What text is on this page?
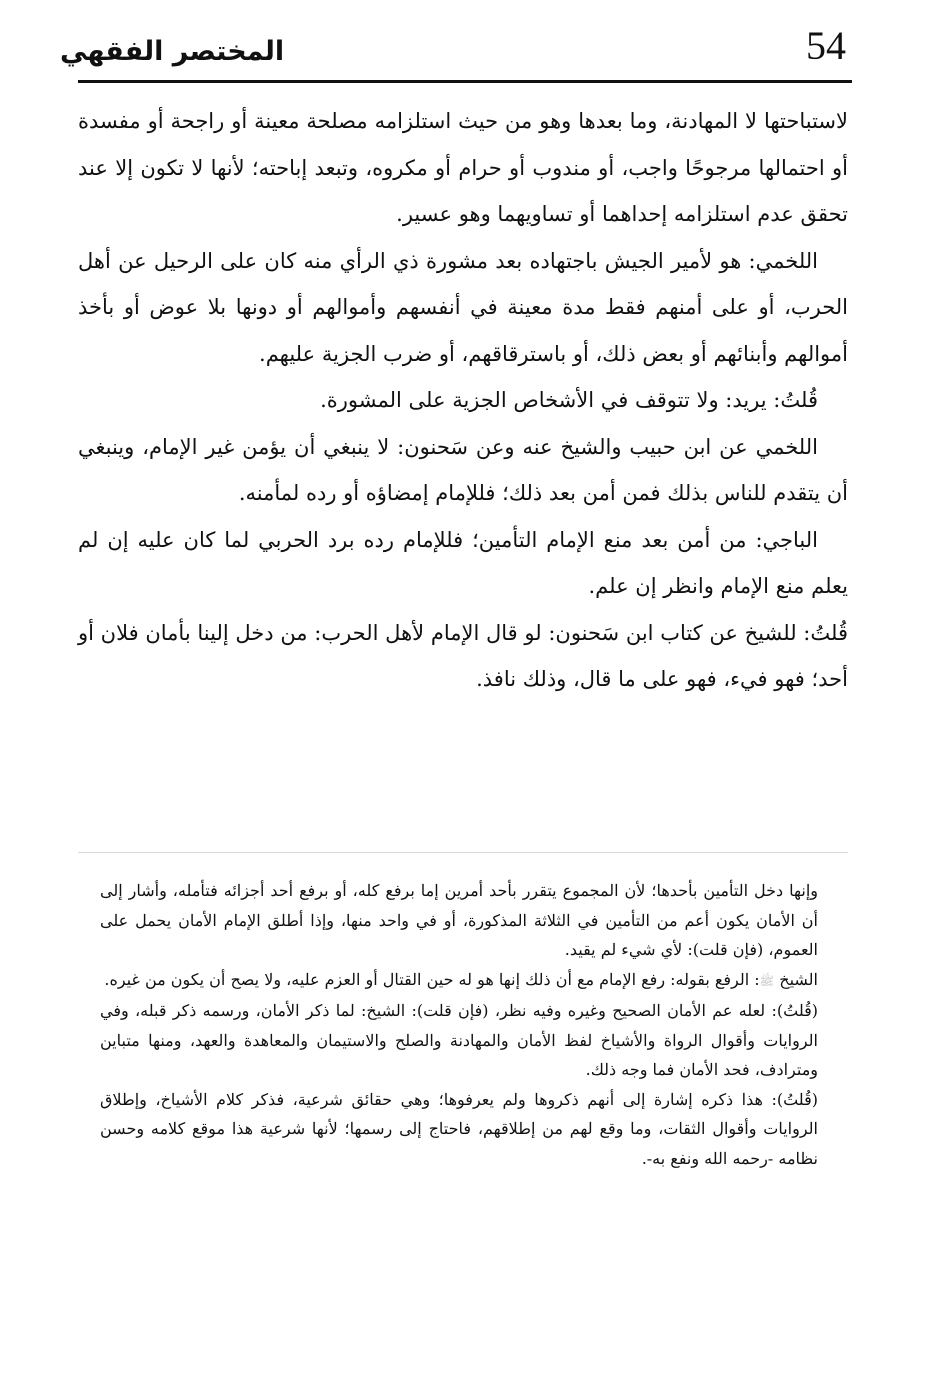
54
المختصر الفقهي

لاستباحتها لا المهادنة، وما بعدها وهو من حيث استلزامه مصلحة معينة أو راجحة أو مفسدة أو احتمالها مرجوحًا واجب، أو مندوب أو حرام أو مكروه، وتبعد إباحته؛ لأنها لا تكون إلا عند تحقق عدم استلزامه إحداهما أو تساويهما وهو عسير.

اللخمي: هو لأمير الجيش باجتهاده بعد مشورة ذي الرأي منه كان على الرحيل عن أهل الحرب، أو على أمنهم فقط مدة معينة في أنفسهم وأموالهم أو دونها بلا عوض أو بأخذ أموالهم وأبنائهم أو بعض ذلك، أو باسترقاقهم، أو ضرب الجزية عليهم.

قُلتُ: يريد: ولا تتوقف في الأشخاص الجزية على المشورة.

اللخمي عن ابن حبيب والشيخ عنه وعن سَحنون: لا ينبغي أن يؤمن غير الإمام، وينبغي أن يتقدم للناس بذلك فمن أمن بعد ذلك؛ فللإمام إمضاؤه أو رده لمأمنه.

الباجي: من أمن بعد منع الإمام التأمين؛ فللإمام رده برد الحربي لما كان عليه إن لم يعلم منع الإمام وانظر إن علم.

قُلتُ: للشيخ عن كتاب ابن سَحنون: لو قال الإمام لأهل الحرب: من دخل إلينا بأمان فلان أو أحد؛ فهو فيء، فهو على ما قال، وذلك نافذ.

وإنها دخل التأمين بأحدها؛ لأن المجموع يتقرر بأحد أمرين إما برفع كله، أو برفع أحد أجزائه فتأمله، وأشار إلى أن الأمان يكون أعم من التأمين في الثلاثة المذكورة، أو في واحد منها، وإذا أطلق الإمام الأمان يحمل على العموم، (فإن قلت): لأي شيء لم يقيد.

الشيخ ﷺ: الرفع بقوله: رفع الإمام مع أن ذلك إنها هو له حين القتال أو العزم عليه، ولا يصح أن يكون من غيره.

(قُلتُ): لعله عم الأمان الصحيح وغيره وفيه نظر، (فإن قلت): الشيخ: لما ذكر الأمان، ورسمه ذكر قبله، وفي الروايات وأقوال الرواة والأشياخ لفظ الأمان والمهادنة والصلح والاستيمان والمعاهدة والعهد، ومنها متباين ومترادف، فحد الأمان فما وجه ذلك.

(قُلتُ): هذا ذكره إشارة إلى أنهم ذكروها ولم يعرفوها؛ وهي حقائق شرعية، فذكر كلام الأشياخ، وإطلاق الروايات وأقوال الثقات، وما وقع لهم من إطلاقهم، فاحتاج إلى رسمها؛ لأنها شرعية هذا موقع كلامه وحسن نظامه -رحمه الله ونفع به-.
